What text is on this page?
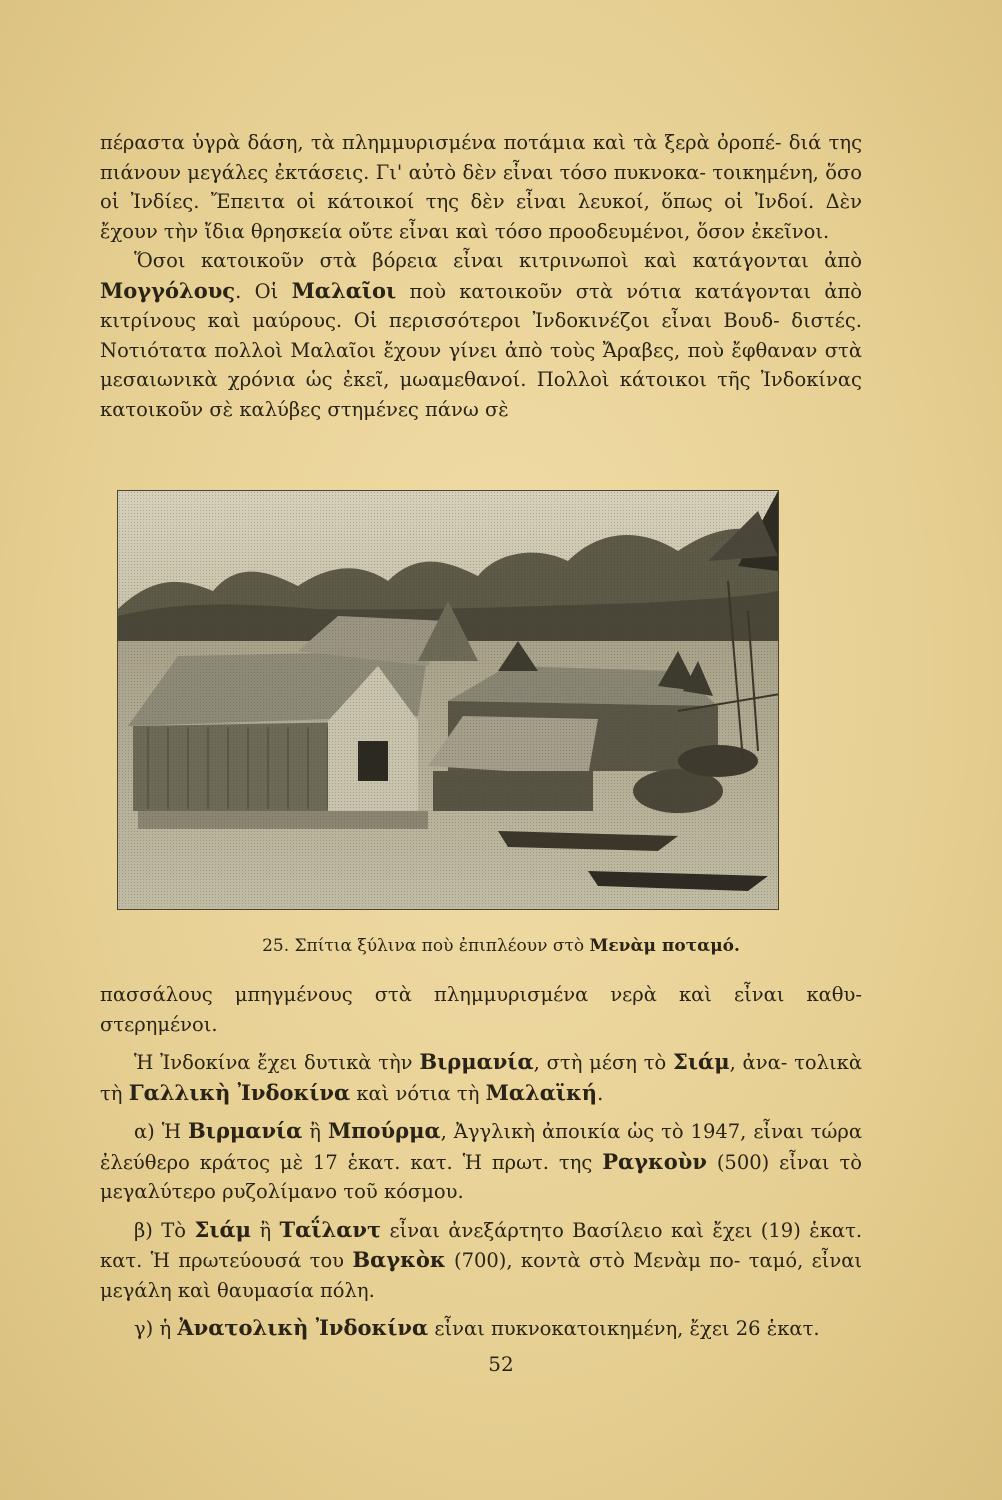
πέραστα ὑγρὰ δάση, τὰ πλημμυρισμένα ποτάμια καὶ τὰ ξερὰ ὀροπέ- διά της πιάνουν μεγάλες ἐκτάσεις. Γι' αὐτὸ δὲν εἶναι τόσο πυκνοκα- τοικημένη, ὅσο οἱ Ἰνδίες. Ἔπειτα οἱ κάτοικοί της δὲν εἶναι λευκοί, ὅπως οἱ Ἰνδοί. Δὲν ἔχουν τὴν ἴδια θρησκεία οὔτε εἶναι καὶ τόσο προοδευμένοι, ὅσον ἐκεῖνοι.

Ὅσοι κατοικοῦν στὰ βόρεια εἶναι κιτρινωποὶ καὶ κατάγονται ἀπὸ Μογγόλους. Οἱ Μαλαῖοι ποὺ κατοικοῦν στὰ νότια κατάγονται ἀπὸ κιτρίνους καὶ μαύρους. Οἱ περισσότεροι Ἰνδοκινέζοι εἶναι Βουδ- διστές. Νοτιότατα πολλοὶ Μαλαῖοι ἔχουν γίνει ἀπὸ τοὺς Ἄραβες, ποὺ ἔφθαναν στὰ μεσαιωνικὰ χρόνια ὡς ἐκεῖ, μωαμεθανοί. Πολλοὶ κάτοικοι τῆς Ἰνδοκίνας κατοικοῦν σὲ καλύβες στημένες πάνω σὲ

25. Σπίτια ξύλινα ποὺ ἐπιπλέουν στὸ Μενὰμ ποταμό.

πασσάλους μπηγμένους στὰ πλημμυρισμένα νερὰ καὶ εἶναι καθυ- στερημένοι.

Ἡ Ἰνδοκίνα ἔχει δυτικὰ τὴν Βιρμανία, στὴ μέση τὸ Σιάμ, ἀνα- τολικὰ τὴ Γαλλικὴ Ἰνδοκίνα καὶ νότια τὴ Μαλαϊκή.

α) Ἡ Βιρμανία ἢ Μπούρμα, Ἀγγλικὴ ἀποικία ὡς τὸ 1947, εἶναι τώρα ἐλεύθερο κράτος μὲ 17 ἑκατ. κατ. Ἡ πρωτ. της Ραγκοὺν (500) εἶναι τὸ μεγαλύτερο ρυζολίμανο τοῦ κόσμου.

β) Τὸ Σιάμ ἢ Ταΐλαντ εἶναι ἀνεξάρτητο Βασίλειο καὶ ἔχει (19) ἑκατ. κατ. Ἡ πρωτεύουσά του Βαγκὸκ (700), κοντὰ στὸ Μενὰμ πο- ταμό, εἶναι μεγάλη καὶ θαυμασία πόλη.

γ) ἡ Ἀνατολικὴ Ἰνδοκίνα εἶναι πυκνοκατοικημένη, ἔχει 26 ἑκατ.

52
